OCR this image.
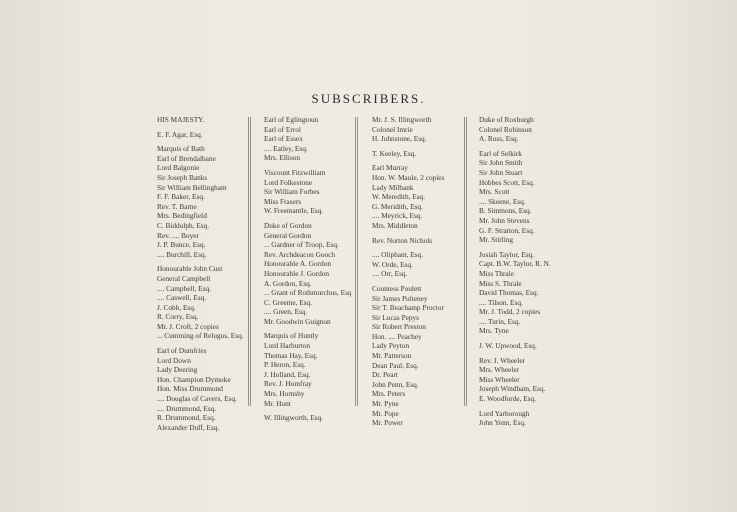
SUBSCRIBERS.
HIS MAJESTY.
E. F. Agar, Esq.
Marquis of Bath
Earl of Brendalbane
Lord Balgonie
Sir Joseph Banks
Sir William Bellingham
F. F. Baker, Esq.
Rev. T. Barne
Mrs. Bedingfield
C. Biddulph, Esq.
Rev. .... Boyer
J. P. Bunce, Esq.
.... Burchill, Esq.
Honourable John Cust
General Campbell
.... Campbell, Esq.
.... Caswell, Esq.
J. Cobb, Esq.
R. Corry, Esq.
Mr. J. Croft, 2 copies
... Cumming of Relugus, Esq.
Earl of Dumfries
Lord Down
Lady Deering
Hon. Champion Dymoke
Hon. Miss Drummond
.... Douglas of Cavers, Esq.
.... Drummond, Esq.
R. Drummond, Esq.
Alexander Duff, Esq.
Earl of Eglingtoun
Earl of Errol
Earl of Essex
.... Eatley, Esq.
Mrs. Ellison
Viscount Fitzwilliam
Lord Folkestone
Sir William Forbes
Miss Frasers
W. Freemantle, Esq.
Duke of Gordon
General Gordon
... Gardner of Troop, Esq.
Rev. Archdeacon Gooch
Honourable A. Gordon
Honourable J. Gordon
A. Gordon, Esq.
... Grant of Rothmurchus, Esq
C. Greeme, Esq.
.... Green, Esq.
Mr. Goodwin Guignon
Marquis of Huntly
Lord Harburton
Thomas Hay, Esq.
P. Heron, Esq.
J. Holland, Esq.
Rev. J. Homfray
Mrs. Hornsby
Mr. Hunt
W. Illingworth, Esq.
Mr. J. S. Illingworth
Colonel Imrie
H. Johnstone, Esq.
T. Keeley, Esq.
Earl Murray
Hon. W. Maule, 2 copies
Lady Milbank
W. Meredith, Esq.
G. Meridith, Esq.
.... Meyrick, Esq.
Mrs. Middleton
Rev. Norton Nichols
.... Oliphant, Esq.
W. Orde, Esq.
.... Orr, Esq.
Countess Poulett
Sir James Pulteney
Sir T. Beachamp Proctor
Sir Lucas Pepys
Sir Robert Preston
Hon. .... Peachey
Lady Peyton
Mr. Patterson
Dean Paul, Esq.
Dr. Peart
John Penn, Esq.
Mrs. Peters
Mr. Pyne
Mr. Pope
Mr. Power
Duke of Roxburgh
Colonel Robinson
A. Ross, Esq.
Earl of Selkirk
Sir John Smith
Sir John Stuart
Hobbes Scott, Esq.
Mrs. Scott
.... Skeene, Esq.
B. Simmons, Esq.
Mr. John Stevens
G. F. Stratton, Esq.
Mr. Stirling
Josiah Taylor, Esq.
Capt. B.W. Taylor, R. N.
Miss Thrale
Miss S. Thrale
David Thomas, Esq.
.... Tilson, Esq.
Mr. J. Todd, 2 copies
.... Turin, Esq.
Mrs. Tyne
J. W. Upwood, Esq.
Rev. J. Wheeler
Mrs. Wheeler
Miss Wheeler
Joseph Windham, Esq.
E. Woodforde, Esq.
Lord Yarborough
John Yenn, Esq.
